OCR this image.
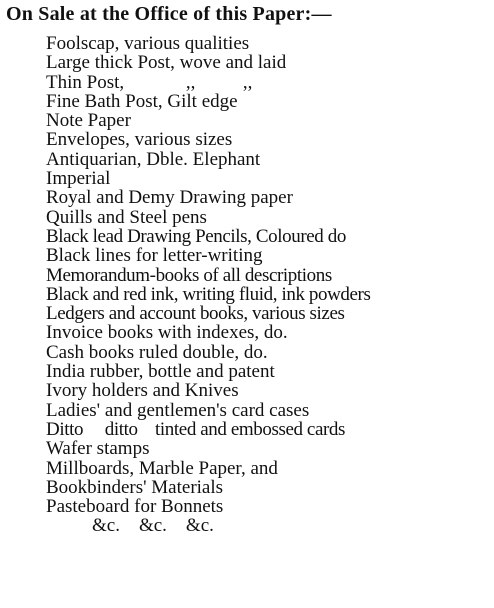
On Sale at the Office of this Paper:—
Foolscap, various qualities
Large thick Post, wove and laid
Thin Post,             ,,          ,,
Fine Bath Post, Gilt edge
Note Paper
Envelopes, various sizes
Antiquarian, Dble. Elephant
Imperial
Royal and Demy Drawing paper
Quills and Steel pens
Black lead Drawing Pencils, Coloured do
Black lines for letter-writing
Memorandum-books of all descriptions
Black and red ink, writing fluid, ink powders
Ledgers and account books, various sizes
Invoice books with indexes, do.
Cash books ruled double, do.
India rubber, bottle and patent
Ivory holders and Knives
Ladies' and gentlemen's card cases
Ditto     ditto    tinted and embossed cards
Wafer stamps
Millboards, Marble Paper, and
Bookbinders' Materials
Pasteboard for Bonnets
&c.    &c.    &c.
